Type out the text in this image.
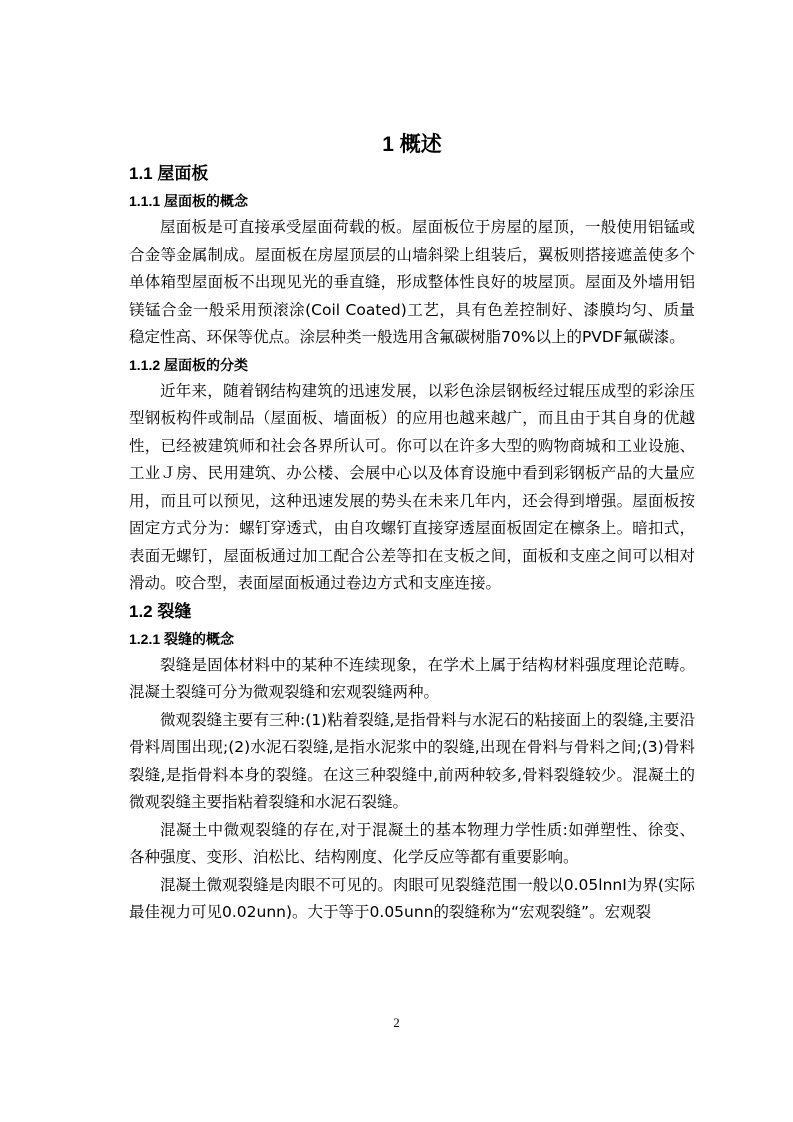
1 概述
1.1 屋面板
1.1.1 屋面板的概念

屋面板是可直接承受屋面荷载的板。屋面板位于房屋的屋顶，一般使用铝锰或合金等金属制成。屋面板在房屋顶层的山墙斜梁上组装后，翼板则搭接遮盖使多个单体箱型屋面板不出现见光的垂直缝，形成整体性良好的坡屋顶。屋面及外墙用铝镁锰合金一般采用预滚涂(Coil Coated)工艺，具有色差控制好、漆膜均匀、质量稳定性高、环保等优点。涂层种类一般选用含氟碳树脂70%以上的PVDF氟碳漆。

1.1.2 屋面板的分类

近年来，随着钢结构建筑的迅速发展，以彩色涂层钢板经过辊压成型的彩涂压型钢板构件或制品（屋面板、墙面板）的应用也越来越广，而且由于其自身的优越性，已经被建筑师和社会各界所认可。你可以在许多大型的购物商城和工业设施、工业Ｊ房、民用建筑、办公楼、会展中心以及体育设施中看到彩钢板产品的大量应用，而且可以预见，这种迅速发展的势头在未来几年内，还会得到增强。屋面板按固定方式分为：螺钉穿透式，由自攻螺钉直接穿透屋面板固定在檩条上。暗扣式，表面无螺钉，屋面板通过加工配合公差等扣在支板之间，面板和支座之间可以相对滑动。咬合型，表面屋面板通过卷边方式和支座连接。

1.2 裂缝
1.2.1 裂缝的概念

裂缝是固体材料中的某种不连续现象，在学术上属于结构材料强度理论范畴。混凝土裂缝可分为微观裂缝和宏观裂缝两种。

微观裂缝主要有三种:(1)粘着裂缝,是指骨料与水泥石的粘接面上的裂缝,主要沿骨料周围出现;(2)水泥石裂缝,是指水泥浆中的裂缝,出现在骨料与骨料之间;(3)骨料裂缝,是指骨料本身的裂缝。在这三种裂缝中,前两种较多,骨料裂缝较少。混凝土的微观裂缝主要指粘着裂缝和水泥石裂缝。

混凝土中微观裂缝的存在,对于混凝土的基本物理力学性质:如弹塑性、徐变、各种强度、变形、泊松比、结构刚度、化学反应等都有重要影响。

混凝土微观裂缝是肉眼不可见的。肉眼可见裂缝范围一般以0.05lnnI为界(实际最佳视力可见0.02unn)。大于等于0.05unn的裂缝称为“宏观裂缝”。宏观裂

2
